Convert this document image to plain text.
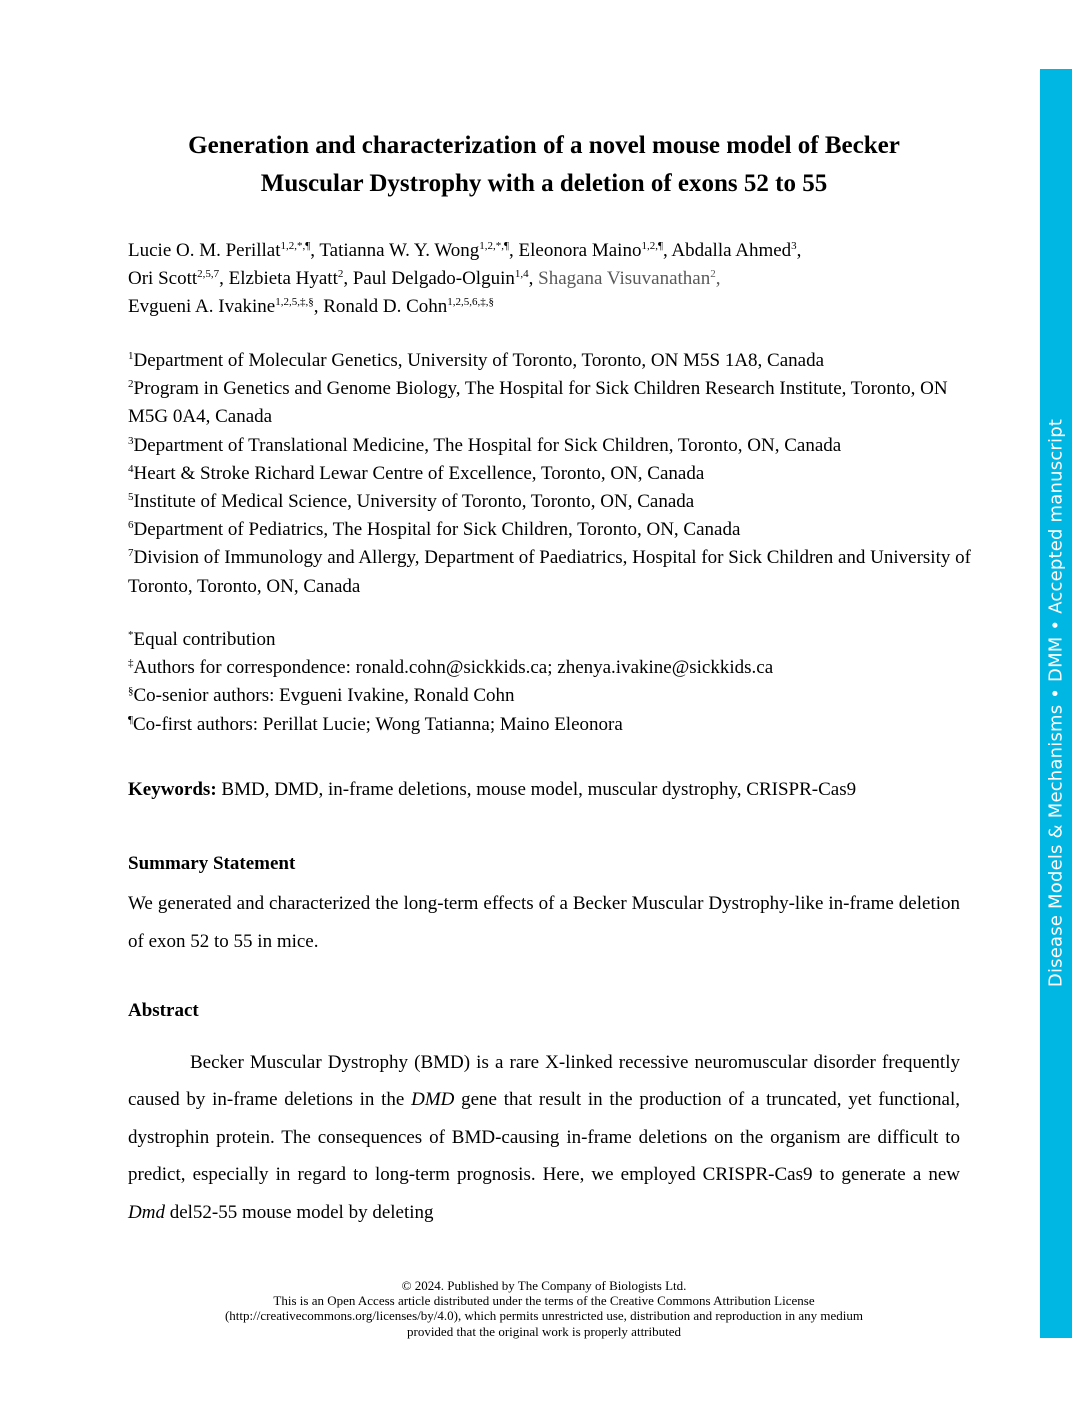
Generation and characterization of a novel mouse model of Becker
Muscular Dystrophy with a deletion of exons 52 to 55
Lucie O. M. Perillat$^{1,2,*,\P}$, Tatianna W. Y. Wong$^{1,2,*,\P}$, Eleonora Maino$^{1,2,\P}$, Abdalla Ahmed$^3$,
Ori Scott$^{2,5,7}$, Elzbieta Hyatt$^2$, Paul Delgado-Olguin$^{1,4}$, Shagana Visuvanathan$^2$,
Evgueni A. Ivakine$^{1,2,5,\ddagger,\S}$, Ronald D. Cohn$^{1,2,5,6,\ddagger,\S}$
$^1$Department of Molecular Genetics, University of Toronto, Toronto, ON M5S 1A8, Canada
$^2$Program in Genetics and Genome Biology, The Hospital for Sick Children Research Institute, Toronto, ON M5G 0A4, Canada
$^3$Department of Translational Medicine, The Hospital for Sick Children, Toronto, ON, Canada
$^4$Heart & Stroke Richard Lewar Centre of Excellence, Toronto, ON, Canada
$^5$Institute of Medical Science, University of Toronto, Toronto, ON, Canada
$^6$Department of Pediatrics, The Hospital for Sick Children, Toronto, ON, Canada
$^7$Division of Immunology and Allergy, Department of Paediatrics, Hospital for Sick Children and University of Toronto, Toronto, ON, Canada
*Equal contribution
‡Authors for correspondence: ronald.cohn@sickkids.ca; zhenya.ivakine@sickkids.ca
§Co-senior authors: Evgueni Ivakine, Ronald Cohn
¶Co-first authors: Perillat Lucie; Wong Tatianna; Maino Eleonora
Keywords: BMD, DMD, in-frame deletions, mouse model, muscular dystrophy, CRISPR-Cas9
Summary Statement
We generated and characterized the long-term effects of a Becker Muscular Dystrophy-like in-frame deletion of exon 52 to 55 in mice.
Abstract
Becker Muscular Dystrophy (BMD) is a rare X-linked recessive neuromuscular disorder frequently caused by in-frame deletions in the DMD gene that result in the production of a truncated, yet functional, dystrophin protein. The consequences of BMD-causing in-frame deletions on the organism are difficult to predict, especially in regard to long-term prognosis. Here, we employed CRISPR-Cas9 to generate a new Dmd del52-55 mouse model by deleting
© 2024. Published by The Company of Biologists Ltd.
This is an Open Access article distributed under the terms of the Creative Commons Attribution License
(http://creativecommons.org/licenses/by/4.0), which permits unrestricted use, distribution and reproduction in any medium
provided that the original work is properly attributed
Disease Models & Mechanisms • DMM • Accepted manuscript
